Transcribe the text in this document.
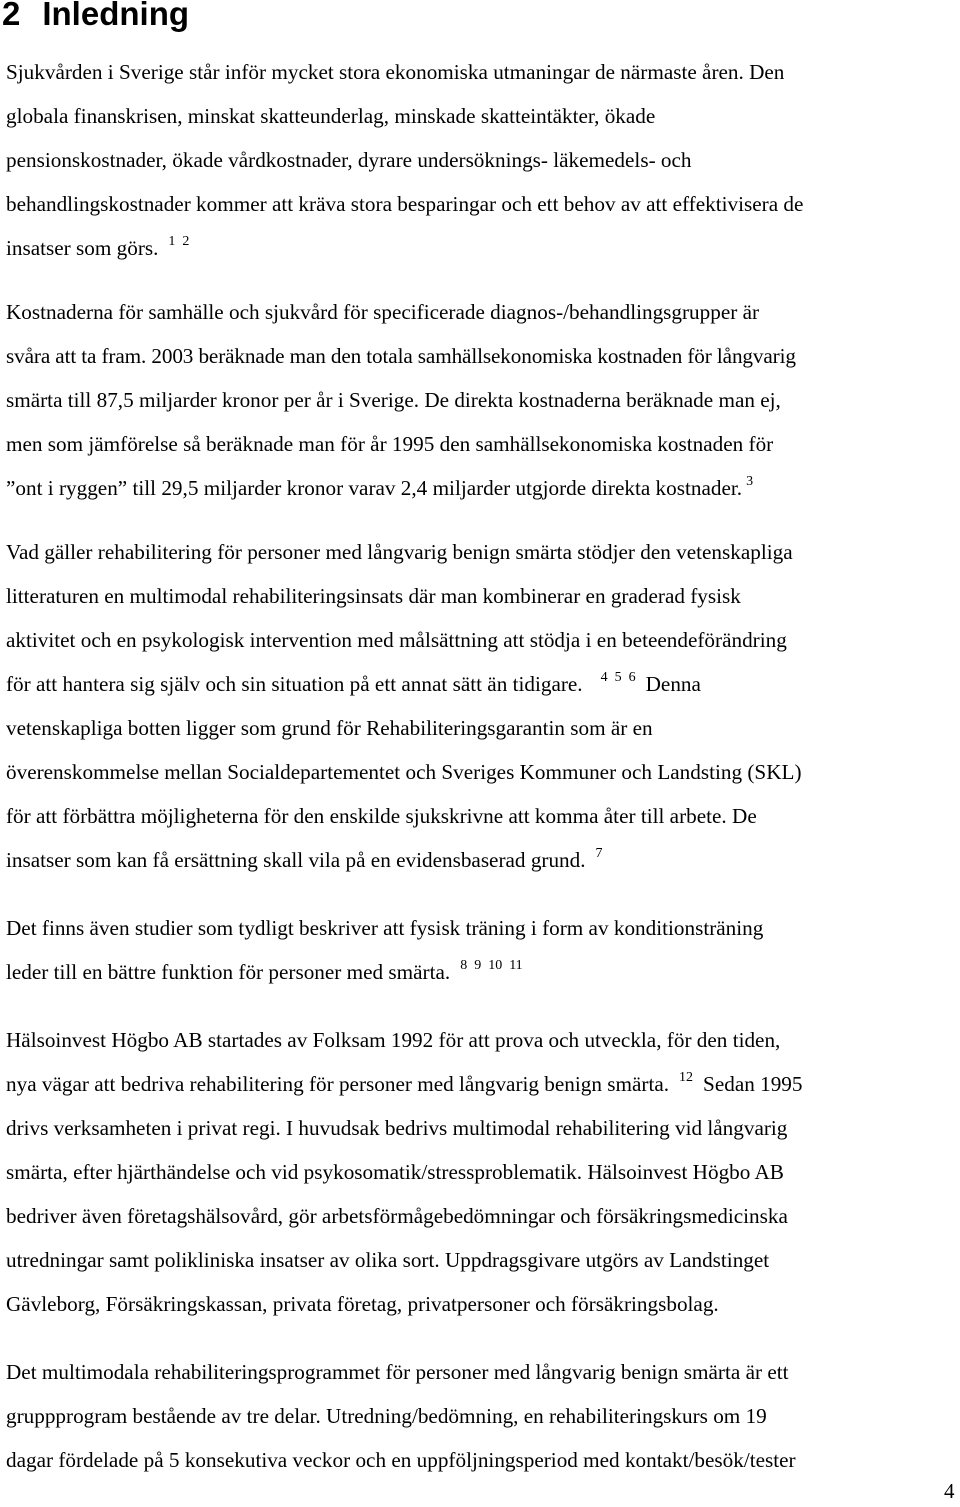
2 Inledning

Sjukvården i Sverige står inför mycket stora ekonomiska utmaningar de närmaste åren. Den

globala finanskrisen, minskat skatteunderlag, minskade skatteintäkter, ökade

pensionskostnader, ökade vårdkostnader, dyrare undersöknings- läkemedels- och

behandlingskostnader kommer att kräva stora besparingar och ett behov av att effektivisera de

insatser som görs. $^1$ $^2$

Kostnaderna för samhälle och sjukvård för specificerade diagnos-/behandlingsgrupper är

svåra att ta fram. 2003 beräknade man den totala samhällsekonomiska kostnaden för långvarig

smärta till 87,5 miljarder kronor per år i Sverige. De direkta kostnaderna beräknade man ej,

men som jämförelse så beräknade man för år 1995 den samhällsekonomiska kostnaden för

”ont i ryggen” till 29,5 miljarder kronor varav 2,4 miljarder utgjorde direkta kostnader. $^3$

Vad gäller rehabilitering för personer med långvarig benign smärta stödjer den vetenskapliga

litteraturen en multimodal rehabiliteringsinsats där man kombinerar en graderad fysisk

aktivitet och en psykologisk intervention med målsättning att stödja i en beteendeförändring

för att hantera sig själv och sin situation på ett annat sätt än tidigare. $^4$ $^5$ $^6$ Denna

vetenskapliga botten ligger som grund för Rehabiliteringsgarantin som är en

överenskommelse mellan Socialdepartementet och Sveriges Kommuner och Landsting (SKL)

för att förbättra möjligheterna för den enskilde sjukskrivne att komma åter till arbete. De

insatser som kan få ersättning skall vila på en evidensbaserad grund. $^7$

Det finns även studier som tydligt beskriver att fysisk träning i form av konditionsträning

leder till en bättre funktion för personer med smärta. $^8$ $^9$ $^{10}$ $^{11}$

Hälsoinvest Högbo AB startades av Folksam 1992 för att prova och utveckla, för den tiden,

nya vägar att bedriva rehabilitering för personer med långvarig benign smärta. $^{12}$ Sedan 1995

drivs verksamheten i privat regi. I huvudsak bedrivs multimodal rehabilitering vid långvarig

smärta, efter hjärthändelse och vid psykosomatik/stressproblematik. Hälsoinvest Högbo AB

bedriver även företagshälsovård, gör arbetsförmågebedömningar och försäkringsmedicinska

utredningar samt polikliniska insatser av olika sort. Uppdragsgivare utgörs av Landstinget

Gävleborg, Försäkringskassan, privata företag, privatpersoner och försäkringsbolag.

Det multimodala rehabiliteringsprogrammet för personer med långvarig benign smärta är ett

gruppprogram bestående av tre delar. Utredning/bedömning, en rehabiliteringskurs om 19

dagar fördelade på 5 konsekutiva veckor och en uppföljningsperiod med kontakt/besök/tester

4
